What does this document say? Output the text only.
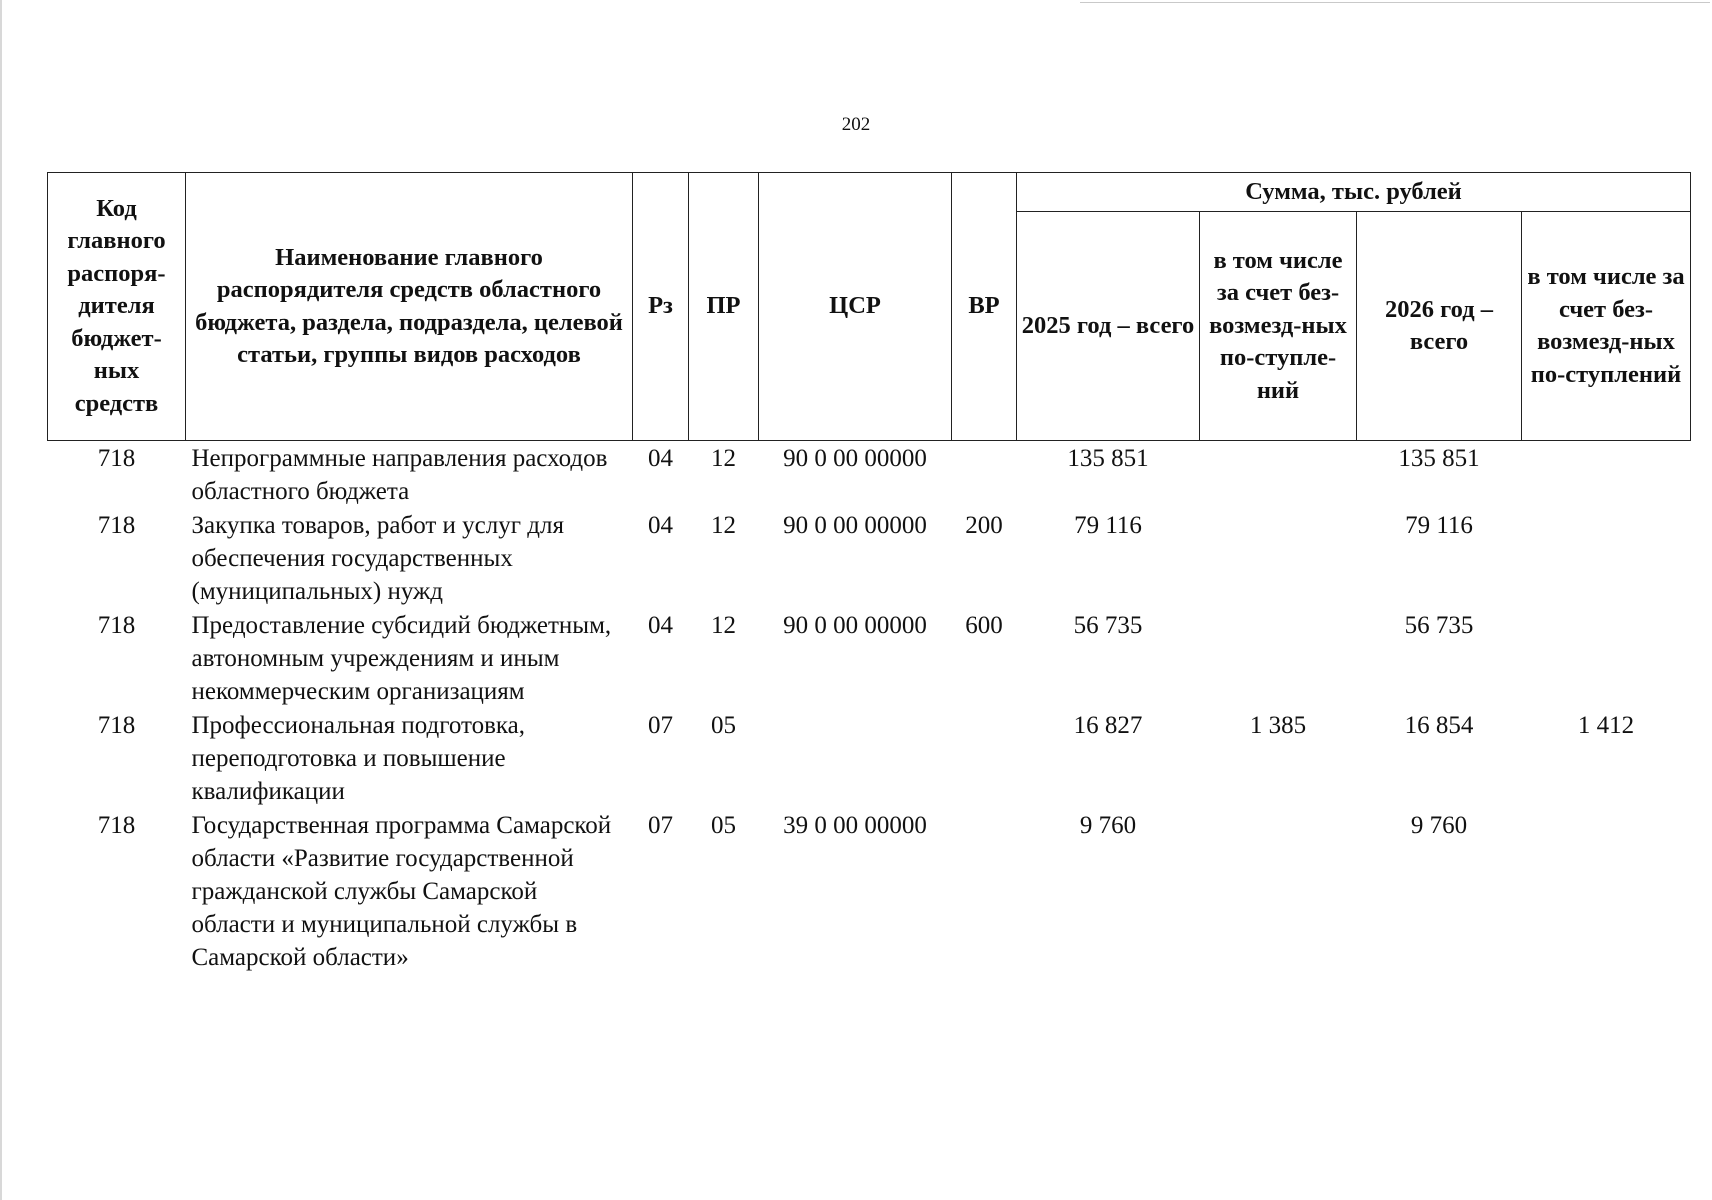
202
Код главного распоря-дителя бюджет-ных средств	Наименование главного распорядителя средств областного бюджета, раздела, подраздела, целевой статьи, группы видов расходов	Рз	ПР	ЦСР	ВР	Сумма, тыс. рублей			
						2025 год – всего	в том числе за счет без-возмезд-ных по-ступле-ний	2026 год – всего	в том числе за счет без-возмезд-ных по-ступлений
718	Непрограммные направления расходов областного бюджета	04	12	90 0 00 00000		135 851		135 851	
718	Закупка товаров, работ и услуг для обеспечения государственных (муниципальных) нужд	04	12	90 0 00 00000	200	79 116		79 116	
718	Предоставление субсидий бюджетным, автономным учреждениям и иным некоммерческим организациям	04	12	90 0 00 00000	600	56 735		56 735	
718	Профессиональная подготовка, переподготовка и повышение квалификации	07	05			16 827	1 385	16 854	1 412
718	Государственная программа Самарской области «Развитие государственной гражданской службы Самарской области и муниципальной службы в Самарской области»	07	05	39 0 00 00000		9 760		9 760	
